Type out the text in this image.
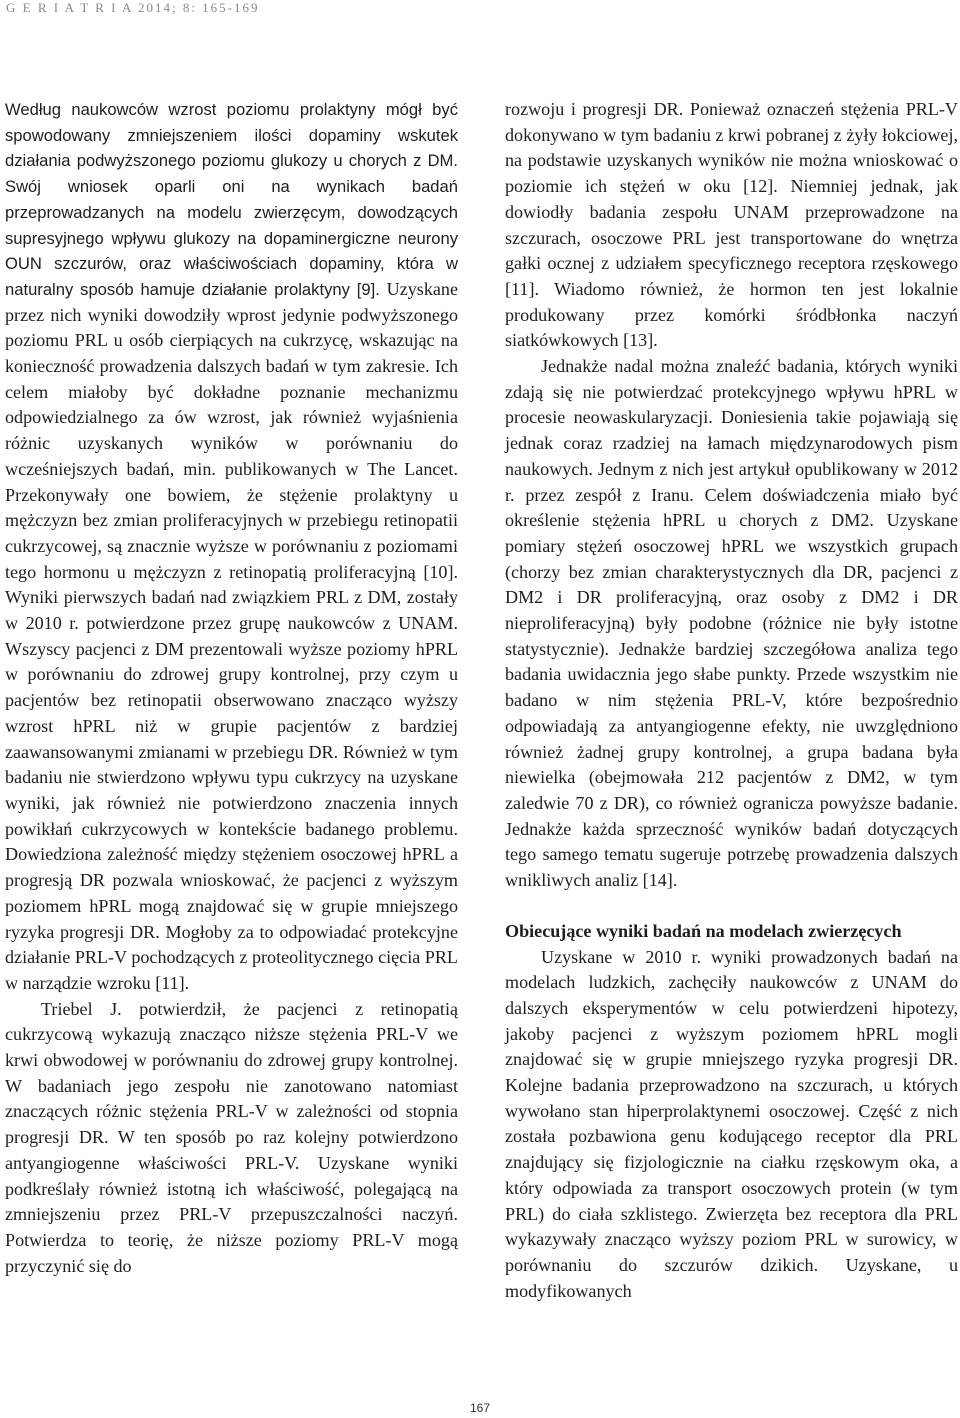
G E R I A T R I A 2014; 8: 165-169

Według naukowców wzrost poziomu prolaktyny mógł być spowodowany zmniejszeniem ilości dopaminy wskutek działania podwyższonego poziomu glukozy u chorych z DM. Swój wniosek oparli oni na wynikach badań przeprowadzanych na modelu zwierzęcym, dowodzących supresyjnego wpływu glukozy na dopaminergiczne neurony OUN szczurów, oraz właściwościach dopaminy, która w naturalny sposób hamuje działanie prolaktyny [9]. Uzyskane przez nich wyniki dowodziły wprost jedynie podwyższonego poziomu PRL u osób cierpiących na cukrzycę, wskazując na konieczność prowadzenia dalszych badań w tym zakresie. Ich celem miałoby być dokładne poznanie mechanizmu odpowiedzialnego za ów wzrost, jak również wyjaśnienia różnic uzyskanych wyników w porównaniu do wcześniejszych badań, min. publikowanych w The Lancet. Przekonywały one bowiem, że stężenie prolaktyny u mężczyzn bez zmian proliferacyjnych w przebiegu retinopatii cukrzycowej, są znacznie wyższe w porównaniu z poziomami tego hormonu u mężczyzn z retinopatią proliferacyjną [10]. Wyniki pierwszych badań nad związkiem PRL z DM, zostały w 2010 r. potwierdzone przez grupę naukowców z UNAM. Wszyscy pacjenci z DM prezentowali wyższe poziomy hPRL w porównaniu do zdrowej grupy kontrolnej, przy czym u pacjentów bez retinopatii obserwowano znacząco wyższy wzrost hPRL niż w grupie pacjentów z bardziej zaawansowanymi zmianami w przebiegu DR. Również w tym badaniu nie stwierdzono wpływu typu cukrzycy na uzyskane wyniki, jak również nie potwierdzono znaczenia innych powikłań cukrzycowych w kontekście badanego problemu. Dowiedziona zależność między stężeniem osoczowej hPRL a progresją DR pozwala wnioskować, że pacjenci z wyższym poziomem hPRL mogą znajdować się w grupie mniejszego ryzyka progresji DR. Mogłoby za to odpowiadać protekcyjne działanie PRL-V pochodzących z proteolitycznego cięcia PRL w narządzie wzroku [11].

Triebel J. potwierdził, że pacjenci z retinopatią cukrzycową wykazują znacząco niższe stężenia PRL-V we krwi obwodowej w porównaniu do zdrowej grupy kontrolnej. W badaniach jego zespołu nie zanotowano natomiast znaczących różnic stężenia PRL-V w zależności od stopnia progresji DR. W ten sposób po raz kolejny potwierdzono antyangiogenne właściwości PRL-V. Uzyskane wyniki podkreślały również istotną ich właściwość, polegającą na zmniejszeniu przez PRL-V przepuszczalności naczyń. Potwierdza to teorię, że niższe poziomy PRL-V mogą przyczynić się do

rozwoju i progresji DR. Ponieważ oznaczeń stężenia PRL-V dokonywano w tym badaniu z krwi pobranej z żyły łokciowej, na podstawie uzyskanych wyników nie można wnioskować o poziomie ich stężeń w oku [12]. Niemniej jednak, jak dowiodły badania zespołu UNAM przeprowadzone na szczurach, osoczowe PRL jest transportowane do wnętrza gałki ocznej z udziałem specyficznego receptora rzęskowego [11]. Wiadomo również, że hormon ten jest lokalnie produkowany przez komórki śródbłonka naczyń siatkówkowych [13].

Jednakże nadal można znaleźć badania, których wyniki zdają się nie potwierdzać protekcyjnego wpływu hPRL w procesie neowaskularyzacji. Doniesienia takie pojawiają się jednak coraz rzadziej na łamach międzynarodowych pism naukowych. Jednym z nich jest artykuł opublikowany w 2012 r. przez zespół z Iranu. Celem doświadczenia miało być określenie stężenia hPRL u chorych z DM2. Uzyskane pomiary stężeń osoczowej hPRL we wszystkich grupach (chorzy bez zmian charakterystycznych dla DR, pacjenci z DM2 i DR proliferacyjną, oraz osoby z DM2 i DR nieproliferacyjną) były podobne (różnice nie były istotne statystycznie). Jednakże bardziej szczegółowa analiza tego badania uwidacznia jego słabe punkty. Przede wszystkim nie badano w nim stężenia PRL-V, które bezpośrednio odpowiadają za antyangiogenne efekty, nie uwzględniono również żadnej grupy kontrolnej, a grupa badana była niewielka (obejmowała 212 pacjentów z DM2, w tym zaledwie 70 z DR), co również ogranicza powyższe badanie. Jednakże każda sprzeczność wyników badań dotyczących tego samego tematu sugeruje potrzebę prowadzenia dalszych wnikliwych analiz [14].

Obiecujące wyniki badań na modelach zwierzęcych

Uzyskane w 2010 r. wyniki prowadzonych badań na modelach ludzkich, zachęciły naukowców z UNAM do dalszych eksperymentów w celu potwierdzeni hipotezy, jakoby pacjenci z wyższym poziomem hPRL mogli znajdować się w grupie mniejszego ryzyka progresji DR. Kolejne badania przeprowadzono na szczurach, u których wywołano stan hiperprolaktynemi osoczowej. Część z nich została pozbawiona genu kodującego receptor dla PRL znajdujący się fizjologicznie na ciałku rzęskowym oka, a który odpowiada za transport osoczowych protein (w tym PRL) do ciała szklistego. Zwierzęta bez receptora dla PRL wykazywały znacząco wyższy poziom PRL w surowicy, w porównaniu do szczurów dzikich. Uzyskane, u modyfikowanych

167
